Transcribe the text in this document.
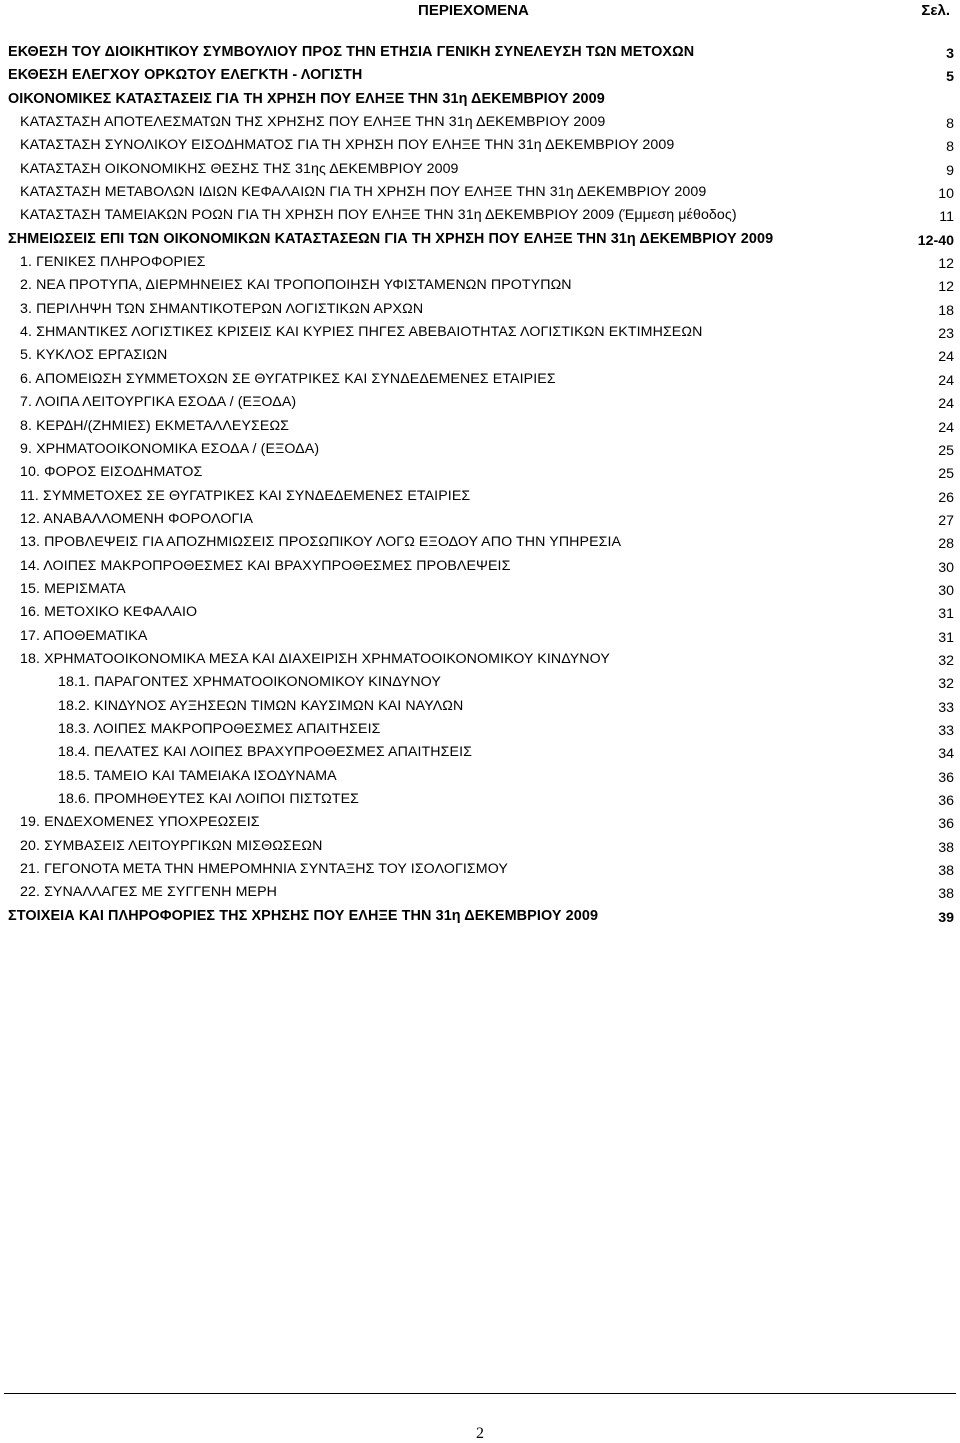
ΠΕΡΙΕΧΟΜΕΝΑ	Σελ.
ΕΚΘΕΣΗ ΤΟΥ ΔΙΟΙΚΗΤΙΚΟΥ ΣΥΜΒΟΥΛΙΟΥ ΠΡΟΣ ΤΗΝ ΕΤΗΣΙΑ ΓΕΝΙΚΗ ΣΥΝΕΛΕΥΣΗ ΤΩΝ ΜΕΤΟΧΩΝ	3
ΕΚΘΕΣΗ ΕΛΕΓΧΟΥ ΟΡΚΩΤΟΥ ΕΛΕΓΚΤΗ - ΛΟΓΙΣΤΗ	5
ΟΙΚΟΝΟΜΙΚΕΣ ΚΑΤΑΣΤΑΣΕΙΣ ΓΙΑ ΤΗ ΧΡΗΣΗ ΠΟΥ ΕΛΗΞΕ ΤΗΝ 31η ΔΕΚΕΜΒΡΙΟΥ 2009
ΚΑΤΑΣΤΑΣΗ ΑΠΟΤΕΛΕΣΜΑΤΩΝ ΤΗΣ ΧΡΗΣΗΣ ΠΟΥ ΕΛΗΞΕ ΤΗΝ 31η ΔΕΚΕΜΒΡΙΟΥ 2009	8
ΚΑΤΑΣΤΑΣΗ ΣΥΝΟΛΙΚΟΥ ΕΙΣΟΔΗΜΑΤΟΣ ΓΙΑ ΤΗ ΧΡΗΣΗ ΠΟΥ ΕΛΗΞΕ ΤΗΝ 31η ΔΕΚΕΜΒΡΙΟΥ 2009	8
ΚΑΤΑΣΤΑΣΗ ΟΙΚΟΝΟΜΙΚΗΣ ΘΕΣΗΣ ΤΗΣ 31ης ΔΕΚΕΜΒΡΙΟΥ 2009	9
ΚΑΤΑΣΤΑΣΗ ΜΕΤΑΒΟΛΩΝ ΙΔΙΩΝ ΚΕΦΑΛΑΙΩΝ ΓΙΑ ΤΗ ΧΡΗΣΗ ΠΟΥ ΕΛΗΞΕ ΤΗΝ 31η ΔΕΚΕΜΒΡΙΟΥ 2009	10
ΚΑΤΑΣΤΑΣΗ ΤΑΜΕΙΑΚΩΝ ΡΟΩΝ ΓΙΑ ΤΗ ΧΡΗΣΗ ΠΟΥ ΕΛΗΞΕ ΤΗΝ 31η ΔΕΚΕΜΒΡΙΟΥ 2009 (Έμμεση μέθοδος)	11
ΣΗΜΕΙΩΣΕΙΣ ΕΠΙ ΤΩΝ ΟΙΚΟΝΟΜΙΚΩΝ ΚΑΤΑΣΤΑΣΕΩΝ ΓΙΑ ΤΗ ΧΡΗΣΗ ΠΟΥ ΕΛΗΞΕ ΤΗΝ 31η ΔΕΚΕΜΒΡΙΟΥ 2009	12-40
1. ΓΕΝΙΚΕΣ ΠΛΗΡΟΦΟΡΙΕΣ	12
2. ΝΕΑ ΠΡΟΤΥΠΑ, ΔΙΕΡΜΗΝΕΙΕΣ ΚΑΙ ΤΡΟΠΟΠΟΙΗΣΗ ΥΦΙΣΤΑΜΕΝΩΝ ΠΡΟΤΥΠΩΝ	12
3. ΠΕΡΙΛΗΨΗ ΤΩΝ ΣΗΜΑΝΤΙΚΟΤΕΡΩΝ ΛΟΓΙΣΤΙΚΩΝ ΑΡΧΩΝ	18
4. ΣΗΜΑΝΤΙΚΕΣ ΛΟΓΙΣΤΙΚΕΣ ΚΡΙΣΕΙΣ ΚΑΙ ΚΥΡΙΕΣ ΠΗΓΕΣ ΑΒΕΒΑΙΟΤΗΤΑΣ ΛΟΓΙΣΤΙΚΩΝ ΕΚΤΙΜΗΣΕΩΝ	23
5. ΚΥΚΛΟΣ ΕΡΓΑΣΙΩΝ	24
6. ΑΠΟΜΕΙΩΣΗ ΣΥΜΜΕΤΟΧΩΝ ΣΕ ΘΥΓΑΤΡΙΚΕΣ ΚΑΙ ΣΥΝΔΕΔΕΜΕΝΕΣ ΕΤΑΙΡΙΕΣ	24
7. ΛΟΙΠΑ ΛΕΙΤΟΥΡΓΙΚΑ ΕΣΟΔΑ / (ΕΞΟΔΑ)	24
8. ΚΕΡΔΗ/(ΖΗΜΙΕΣ) ΕΚΜΕΤΑΛΛΕΥΣΕΩΣ	24
9. ΧΡΗΜΑΤΟΟΙΚΟΝΟΜΙΚΑ ΕΣΟΔΑ / (ΕΞΟΔΑ)	25
10. ΦΟΡΟΣ ΕΙΣΟΔΗΜΑΤΟΣ	25
11. ΣΥΜΜΕΤΟΧΕΣ ΣΕ ΘΥΓΑΤΡΙΚΕΣ ΚΑΙ ΣΥΝΔΕΔΕΜΕΝΕΣ ΕΤΑΙΡΙΕΣ	26
12. ΑΝΑΒΑΛΛΟΜΕΝΗ ΦΟΡΟΛΟΓΙΑ	27
13. ΠΡΟΒΛΕΨΕΙΣ ΓΙΑ ΑΠΟΖΗΜΙΩΣΕΙΣ ΠΡΟΣΩΠΙΚΟΥ ΛΟΓΩ ΕΞΟΔΟΥ ΑΠΟ ΤΗΝ ΥΠΗΡΕΣΙΑ	28
14. ΛΟΙΠΕΣ ΜΑΚΡΟΠΡΟΘΕΣΜΕΣ ΚΑΙ ΒΡΑΧΥΠΡΟΘΕΣΜΕΣ ΠΡΟΒΛΕΨΕΙΣ	30
15. ΜΕΡΙΣΜΑΤΑ	30
16. ΜΕΤΟΧΙΚΟ ΚΕΦΑΛΑΙΟ	31
17. ΑΠΟΘΕΜΑΤΙΚΑ	31
18. ΧΡΗΜΑΤΟΟΙΚΟΝΟΜΙΚΑ ΜΕΣΑ ΚΑΙ ΔΙΑΧΕΙΡΙΣΗ ΧΡΗΜΑΤΟΟΙΚΟΝΟΜΙΚΟΥ ΚΙΝΔΥΝΟΥ	32
18.1. ΠΑΡΑΓΟΝΤΕΣ ΧΡΗΜΑΤΟΟΙΚΟΝΟΜΙΚΟΥ ΚΙΝΔΥΝΟΥ	32
18.2. ΚΙΝΔΥΝΟΣ ΑΥΞΗΣΕΩΝ ΤΙΜΩΝ ΚΑΥΣΙΜΩΝ ΚΑΙ ΝΑΥΛΩΝ	33
18.3. ΛΟΙΠΕΣ ΜΑΚΡΟΠΡΟΘΕΣΜΕΣ ΑΠΑΙΤΗΣΕΙΣ	33
18.4. ΠΕΛΑΤΕΣ ΚΑΙ ΛΟΙΠΕΣ ΒΡΑΧΥΠΡΟΘΕΣΜΕΣ ΑΠΑΙΤΗΣΕΙΣ	34
18.5. ΤΑΜΕΙΟ ΚΑΙ ΤΑΜΕΙΑΚΑ ΙΣΟΔΥΝΑΜΑ	36
18.6. ΠΡΟΜΗΘΕΥΤΕΣ ΚΑΙ ΛΟΙΠΟΙ ΠΙΣΤΩΤΕΣ	36
19. ΕΝΔΕΧΟΜΕΝΕΣ ΥΠΟΧΡΕΩΣΕΙΣ	36
20. ΣΥΜΒΑΣΕΙΣ ΛΕΙΤΟΥΡΓΙΚΩΝ ΜΙΣΘΩΣΕΩΝ	38
21. ΓΕΓΟΝΟΤΑ ΜΕΤΑ ΤΗΝ ΗΜΕΡΟΜΗΝΙΑ ΣΥΝΤΑΞΗΣ ΤΟΥ ΙΣΟΛΟΓΙΣΜΟΥ	38
22. ΣΥΝΑΛΛΑΓΕΣ ΜΕ ΣΥΓΓΕΝΗ ΜΕΡΗ	38
ΣΤΟΙΧΕΙΑ ΚΑΙ ΠΛΗΡΟΦΟΡΙΕΣ ΤΗΣ ΧΡΗΣΗΣ ΠΟΥ ΕΛΗΞΕ ΤΗΝ 31η ΔΕΚΕΜΒΡΙΟΥ 2009	39
2
